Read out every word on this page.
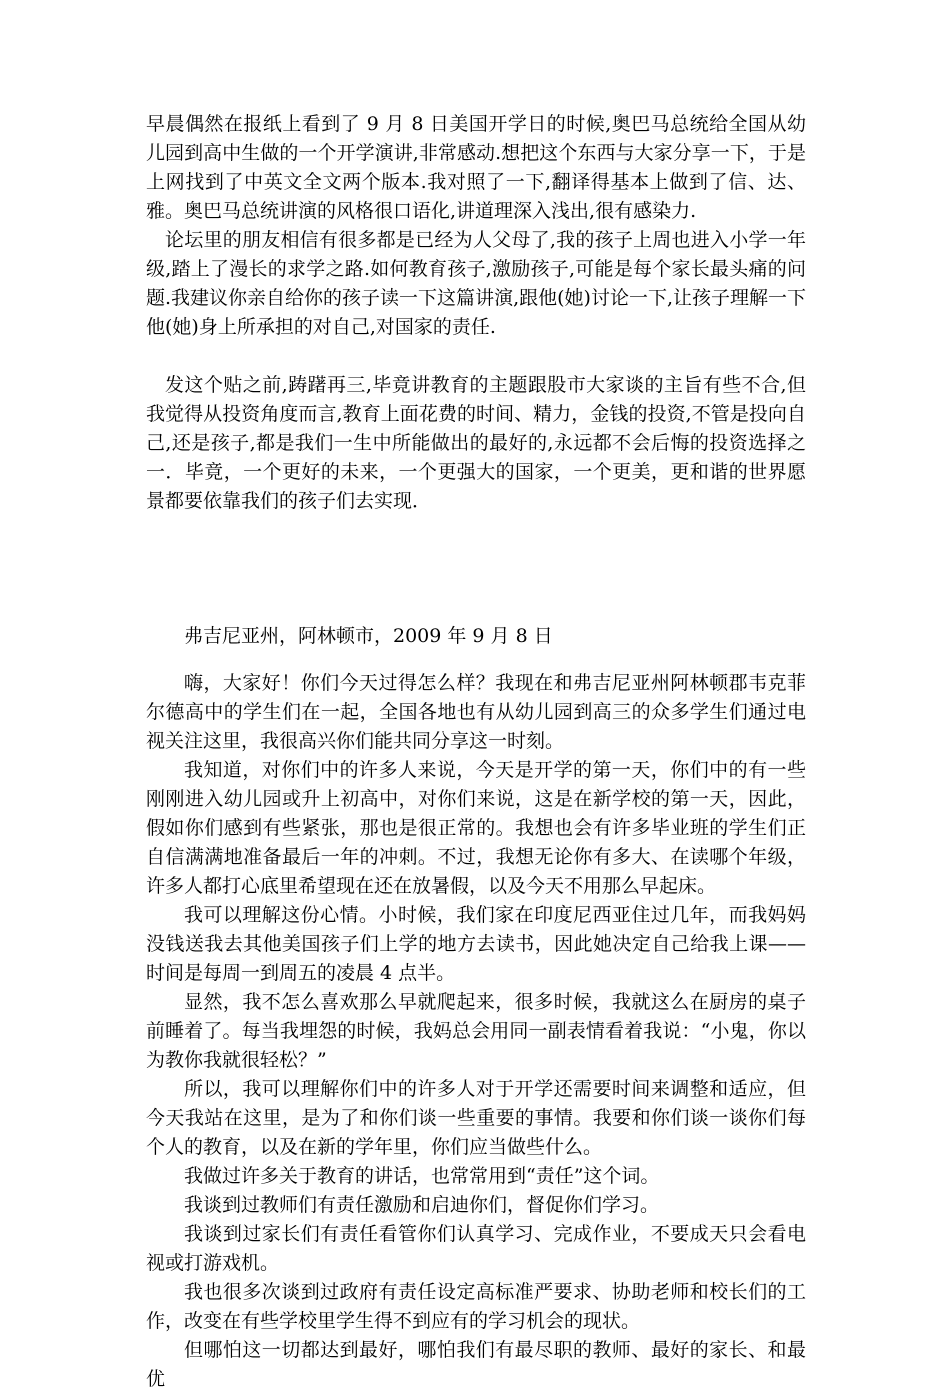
早晨偶然在报纸上看到了 9 月 8 日美国开学日的时候,奥巴马总统给全国从幼儿园到高中生做的一个开学演讲,非常感动.想把这个东西与大家分享一下，于是上网找到了中英文全文两个版本.我对照了一下,翻译得基本上做到了信、达、雅。奥巴马总统讲演的风格很口语化,讲道理深入浅出,很有感染力.

论坛里的朋友相信有很多都是已经为人父母了,我的孩子上周也进入小学一年级,踏上了漫长的求学之路.如何教育孩子,激励孩子,可能是每个家长最头痛的问题.我建议你亲自给你的孩子读一下这篇讲演,跟他(她)讨论一下,让孩子理解一下他(她)身上所承担的对自己,对国家的责任.

发这个贴之前,踌躇再三,毕竟讲教育的主题跟股市大家谈的主旨有些不合,但我觉得从投资角度而言,教育上面花费的时间、精力，金钱的投资,不管是投向自己,还是孩子,都是我们一生中所能做出的最好的,永远都不会后悔的投资选择之一．毕竟，一个更好的未来，一个更强大的国家，一个更美，更和谐的世界愿景都要依靠我们的孩子们去实现．

弗吉尼亚州，阿林顿市，2009 年 9 月 8 日

嗨，大家好！你们今天过得怎么样？我现在和弗吉尼亚州阿林顿郡韦克菲尔德高中的学生们在一起，全国各地也有从幼儿园到高三的众多学生们通过电视关注这里，我很高兴你们能共同分享这一时刻。

我知道，对你们中的许多人来说，今天是开学的第一天，你们中的有一些刚刚进入幼儿园或升上初高中，对你们来说，这是在新学校的第一天，因此，假如你们感到有些紧张，那也是很正常的。我想也会有许多毕业班的学生们正自信满满地准备最后一年的冲刺。不过，我想无论你有多大、在读哪个年级，许多人都打心底里希望现在还在放暑假，以及今天不用那么早起床。

我可以理解这份心情。小时候，我们家在印度尼西亚住过几年，而我妈妈没钱送我去其他美国孩子们上学的地方去读书，因此她决定自己给我上课——时间是每周一到周五的凌晨 4 点半。

显然，我不怎么喜欢那么早就爬起来，很多时候，我就这么在厨房的桌子前睡着了。每当我埋怨的时候，我妈总会用同一副表情看着我说：“小鬼，你以为教你我就很轻松？”

所以，我可以理解你们中的许多人对于开学还需要时间来调整和适应，但今天我站在这里，是为了和你们谈一些重要的事情。我要和你们谈一谈你们每个人的教育，以及在新的学年里，你们应当做些什么。

我做过许多关于教育的讲话，也常常用到“责任”这个词。

我谈到过教师们有责任激励和启迪你们，督促你们学习。

我谈到过家长们有责任看管你们认真学习、完成作业，不要成天只会看电视或打游戏机。

我也很多次谈到过政府有责任设定高标准严要求、协助老师和校长们的工作，改变在有些学校里学生得不到应有的学习机会的现状。

但哪怕这一切都达到最好，哪怕我们有最尽职的教师、最好的家长、和最优
